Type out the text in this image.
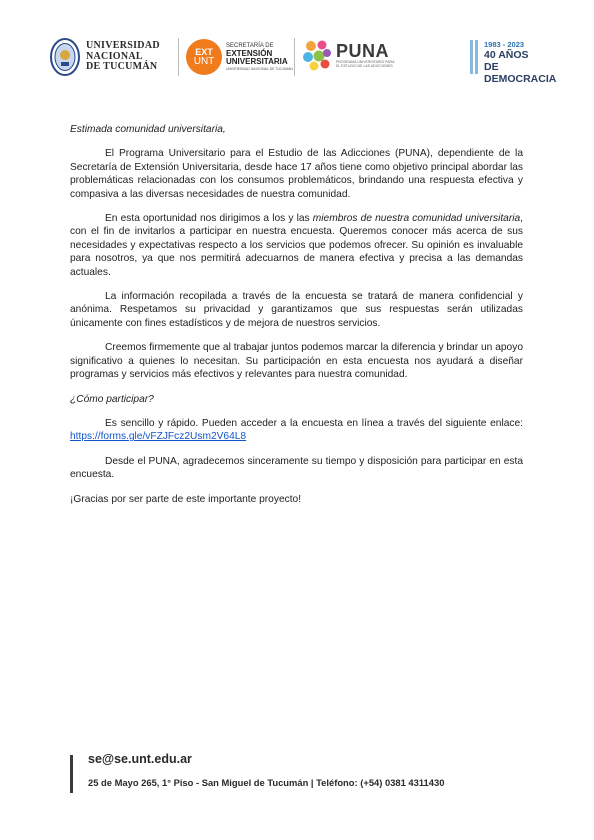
UNIVERSIDAD
NACIONAL
DE TUCUMÁN
EXT
UNT
SECRETARÍA DE
EXTENSIÓN
UNIVERSITARIA
UNIVERSIDAD NACIONAL DE TUCUMÁN
PUNA
PROGRAMA UNIVERSITARIO PARA EL ESTUDIO DE LAS ADICCIONES
1983 - 2023
40 AÑOS
DE DEMOCRACIA

Estimada comunidad universitaria,

El Programa Universitario para el Estudio de las Adicciones (PUNA), dependiente de la Secretaría de Extensión Universitaria, desde hace 17 años tiene como objetivo principal abordar las problemáticas relacionadas con los consumos problemáticos, brindando una respuesta efectiva y compasiva a las diversas necesidades de nuestra comunidad.

En esta oportunidad nos dirigimos a los y las miembros de nuestra comunidad universitaria, con el fin de invitarlos a participar en nuestra encuesta. Queremos conocer más acerca de sus necesidades y expectativas respecto a los servicios que podemos ofrecer. Su opinión es invaluable para nosotros, ya que nos permitirá adecuarnos de manera efectiva y precisa a las demandas actuales.

La información recopilada a través de la encuesta se tratará de manera confidencial y anónima. Respetamos su privacidad y garantizamos que sus respuestas serán utilizadas únicamente con fines estadísticos y de mejora de nuestros servicios.

Creemos firmemente que al trabajar juntos podemos marcar la diferencia y brindar un apoyo significativo a quienes lo necesitan. Su participación en esta encuesta nos ayudará a diseñar programas y servicios más efectivos y relevantes para nuestra comunidad.

¿Cómo participar?

Es sencillo y rápido. Pueden acceder a la encuesta en línea a través del siguiente enlace: https://forms.gle/vFZJFcz2Usm2V64L8

Desde el PUNA, agradecemos sinceramente su tiempo y disposición para participar en esta encuesta.

¡Gracias por ser parte de este importante proyecto!

se@se.unt.edu.ar
25 de Mayo 265, 1° Piso - San Miguel de Tucumán | Teléfono: (+54) 0381 4311430
